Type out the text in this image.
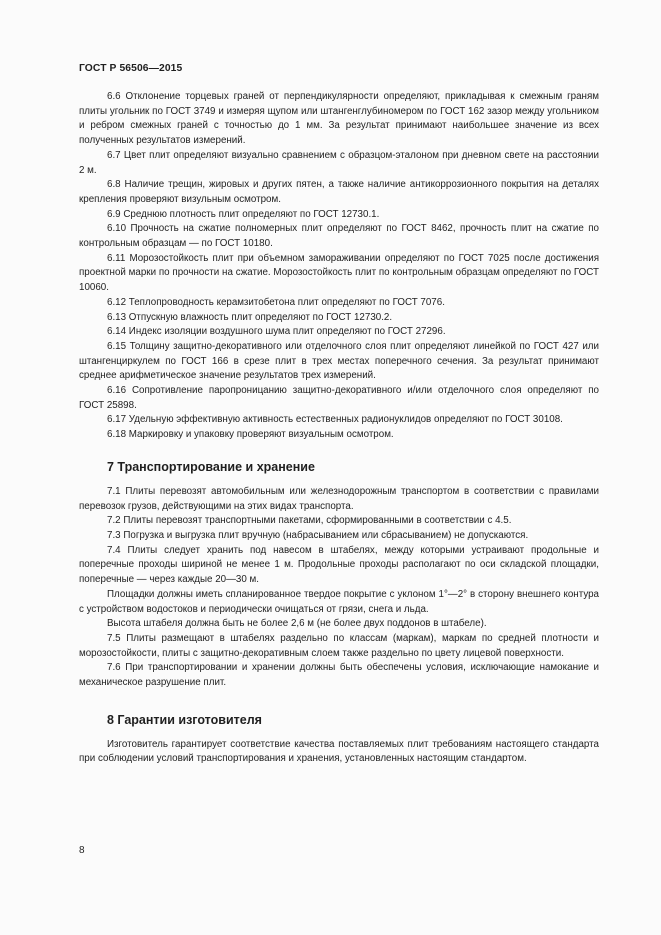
ГОСТ Р 56506—2015

6.6 Отклонение торцевых граней от перпендикулярности определяют, прикладывая к смежным граням плиты угольник по ГОСТ 3749 и измеряя щупом или штангенглубиномером по ГОСТ 162 зазор между угольником и ребром смежных граней с точностью до 1 мм. За результат принимают наибольшее значение из всех полученных результатов измерений.

6.7 Цвет плит определяют визуально сравнением с образцом-эталоном при дневном свете на расстоянии 2 м.

6.8 Наличие трещин, жировых и других пятен, а также наличие антикоррозионного покрытия на деталях крепления проверяют визульным осмотром.

6.9 Среднюю плотность плит определяют по ГОСТ 12730.1.

6.10 Прочность на сжатие полномерных плит определяют по ГОСТ 8462, прочность плит на сжатие по контрольным образцам — по ГОСТ 10180.

6.11 Морозостойкость плит при объемном замораживании определяют по ГОСТ 7025 после достижения проектной марки по прочности на сжатие. Морозостойкость плит по контрольным образцам определяют по ГОСТ 10060.

6.12 Теплопроводность керамзитобетона плит определяют по ГОСТ 7076.

6.13 Отпускную влажность плит определяют по ГОСТ 12730.2.

6.14 Индекс изоляции воздушного шума плит определяют по ГОСТ 27296.

6.15 Толщину защитно-декоративного или отделочного слоя плит определяют линейкой по ГОСТ 427 или штангенциркулем по ГОСТ 166 в срезе плит в трех местах поперечного сечения. За результат принимают среднее арифметическое значение результатов трех измерений.

6.16 Сопротивление паропроницанию защитно-декоративного и/или отделочного слоя определяют по ГОСТ 25898.

6.17 Удельную эффективную активность естественных радионуклидов определяют по ГОСТ 30108.

6.18 Маркировку и упаковку проверяют визуальным осмотром.

7 Транспортирование и хранение

7.1 Плиты перевозят автомобильным или железнодорожным транспортом в соответствии с правилами перевозок грузов, действующими на этих видах транспорта.

7.2 Плиты перевозят транспортными пакетами, сформированными в соответствии с 4.5.

7.3 Погрузка и выгрузка плит вручную (набрасыванием или сбрасыванием) не допускаются.

7.4 Плиты следует хранить под навесом в штабелях, между которыми устраивают продольные и поперечные проходы шириной не менее 1 м. Продольные проходы располагают по оси складской площадки, поперечные — через каждые 20—30 м.

Площадки должны иметь спланированное твердое покрытие с уклоном 1°—2° в сторону внешнего контура с устройством водостоков и периодически очищаться от грязи, снега и льда.

Высота штабеля должна быть не более 2,6 м (не более двух поддонов в штабеле).

7.5 Плиты размещают в штабелях раздельно по классам (маркам), маркам по средней плотности и морозостойкости, плиты с защитно-декоративным слоем также раздельно по цвету лицевой поверхности.

7.6 При транспортировании и хранении должны быть обеспечены условия, исключающие намокание и механическое разрушение плит.

8 Гарантии изготовителя

Изготовитель гарантирует соответствие качества поставляемых плит требованиям настоящего стандарта при соблюдении условий транспортирования и хранения, установленных настоящим стандартом.

8
